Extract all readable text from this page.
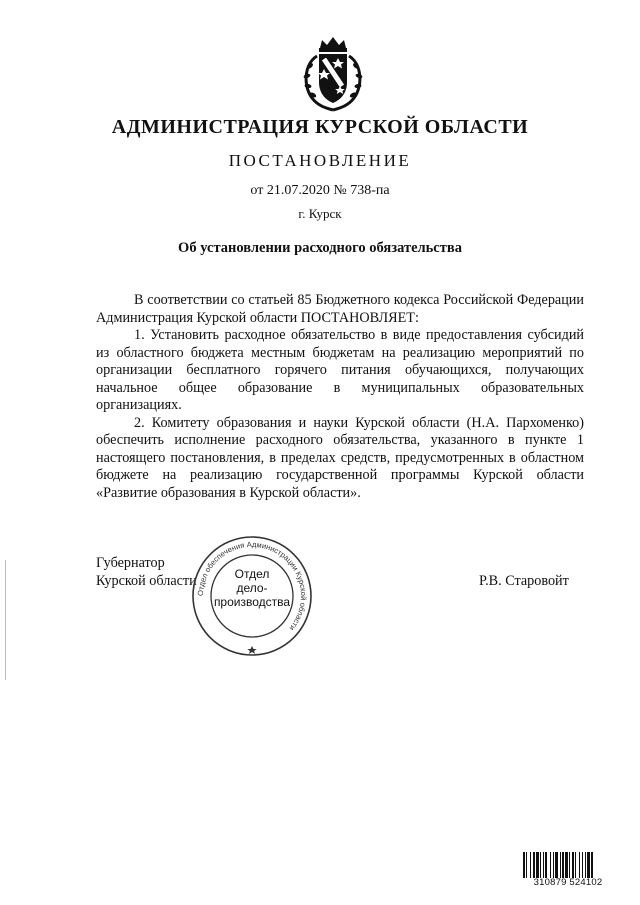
АДМИНИСТРАЦИЯ КУРСКОЙ ОБЛАСТИ
ПОСТАНОВЛЕНИЕ
от 21.07.2020 № 738-па
г. Курск
Об установлении расходного обязательства

В соответствии со статьей 85 Бюджетного кодекса Российской Федерации Администрация Курской области ПОСТАНОВЛЯЕТ:

1. Установить расходное обязательство в виде предоставления субсидий из областного бюджета местным бюджетам на реализацию мероприятий по организации бесплатного горячего питания обучающихся, получающих начальное общее образование в муниципальных образовательных организациях.

2. Комитету образования и науки Курской области (Н.А. Пархоменко) обеспечить исполнение расходного обязательства, указанного в пункте 1 настоящего постановления, в пределах средств, предусмотренных в областном бюджете на реализацию государственной программы Курской области «Развитие образования в Курской области».

Губернатор
Курской области
Отдел обеспечения Администрации Курской области
Отдел
дело-
производства
Р.В. Старовойт
310879 524102
